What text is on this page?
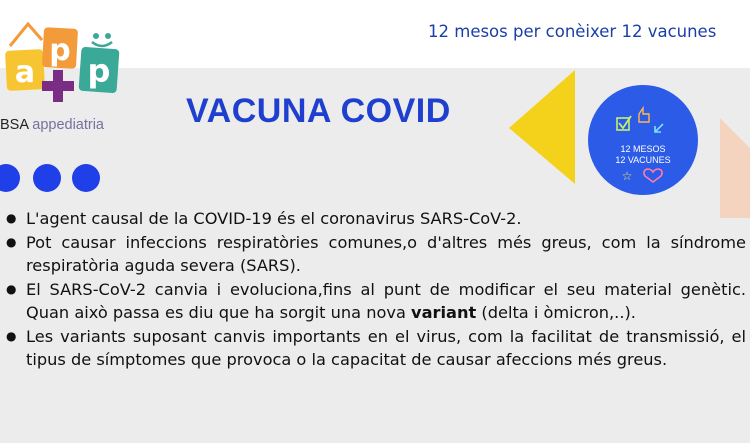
12 mesos per conèixer 12 vacunes
a
p
p
BSA appediatria VACUNA COVID
12 MESOS
12 VACUNES
☆
● L'agent causal de la COVID-19 és el coronavirus SARS-CoV-2.
● Pot causar infeccions respiratòries comunes,o d'altres més greus, com la síndrome respiratòria aguda severa (SARS).
● El SARS-CoV-2 canvia i evoluciona,fins al punt de modificar el seu material genètic. Quan això passa es diu que ha sorgit una nova variant (delta i òmicron,..).
● Les variants suposant canvis importants en el virus, com la facilitat de transmissió, el tipus de símptomes que provoca o la capacitat de causar afeccions més greus.
